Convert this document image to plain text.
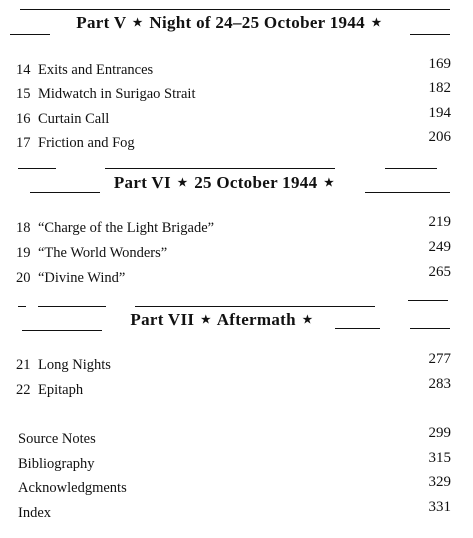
Part V ★ Night of 24–25 October 1944 ★
14 Exits and Entrances	169
15 Midwatch in Surigao Strait	182
16 Curtain Call	194
17 Friction and Fog	206
Part VI ★ 25 October 1944 ★
18 “Charge of the Light Brigade”	219
19 “The World Wonders”	249
20 “Divine Wind”	265
Part VII ★ Aftermath ★
21 Long Nights	277
22 Epitaph	283
Source Notes	299
Bibliography	315
Acknowledgments	329
Index	331
